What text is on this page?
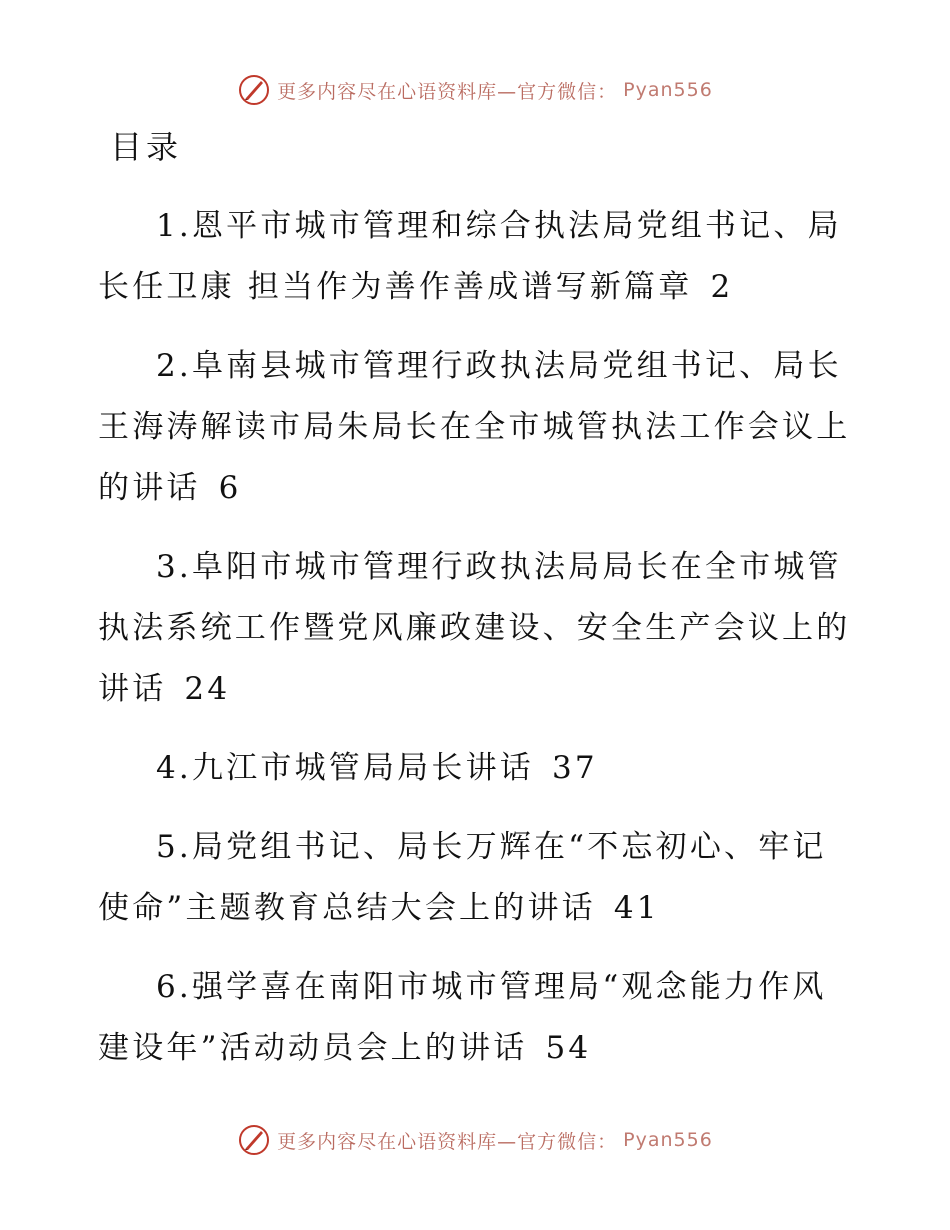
更多内容尽在心语资料库—官方微信： Pyan556
目录

1.恩平市城市管理和综合执法局党组书记、局长任卫康 担当作为善作善成谱写新篇章 2

2.阜南县城市管理行政执法局党组书记、局长王海涛解读市局朱局长在全市城管执法工作会议上的讲话 6

3.阜阳市城市管理行政执法局局长在全市城管执法系统工作暨党风廉政建设、安全生产会议上的讲话 24

4.九江市城管局局长讲话 37

5.局党组书记、局长万辉在“不忘初心、牢记使命”主题教育总结大会上的讲话 41

6.强学喜在南阳市城市管理局“观念能力作风建设年”活动动员会上的讲话 54

更多内容尽在心语资料库—官方微信： Pyan556
